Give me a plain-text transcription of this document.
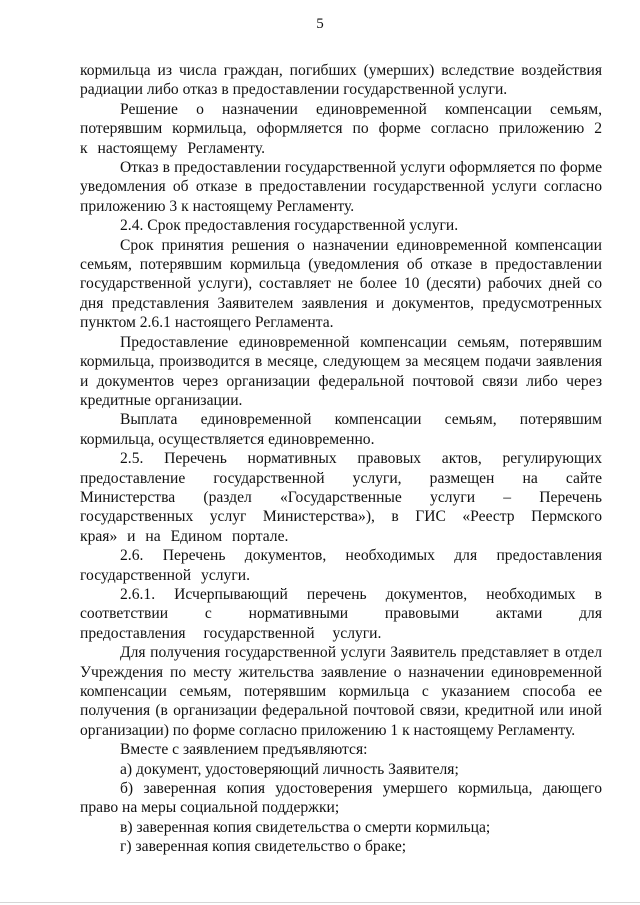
5

кормильца из числа граждан, погибших (умерших) вследствие воздействия радиации либо отказ в предоставлении государственной услуги.

Решение о назначении единовременной компенсации семьям, потерявшим кормильца, оформляется по форме согласно приложению 2 к настоящему Регламенту.

Отказ в предоставлении государственной услуги оформляется по форме уведомления об отказе в предоставлении государственной услуги согласно приложению 3 к настоящему Регламенту.

2.4. Срок предоставления государственной услуги.

Срок принятия решения о назначении единовременной компенсации семьям, потерявшим кормильца (уведомления об отказе в предоставлении государственной услуги), составляет не более 10 (десяти) рабочих дней со дня представления Заявителем заявления и документов, предусмотренных пунктом 2.6.1 настоящего Регламента.

Предоставление единовременной компенсации семьям, потерявшим кормильца, производится в месяце, следующем за месяцем подачи заявления и документов через организации федеральной почтовой связи либо через кредитные организации.

Выплата единовременной компенсации семьям, потерявшим кормильца, осуществляется единовременно.

2.5. Перечень нормативных правовых актов, регулирующих предоставление государственной услуги, размещен на сайте Министерства (раздел «Государственные услуги – Перечень государственных услуг Министерства»), в ГИС «Реестр Пермского края» и на Едином портале.

2.6. Перечень документов, необходимых для предоставления государственной услуги.

2.6.1. Исчерпывающий перечень документов, необходимых в соответствии с нормативными правовыми актами для предоставления государственной услуги.

Для получения государственной услуги Заявитель представляет в отдел Учреждения по месту жительства заявление о назначении единовременной компенсации семьям, потерявшим кормильца с указанием способа ее получения (в организации федеральной почтовой связи, кредитной или иной организации) по форме согласно приложению 1 к настоящему Регламенту.

Вместе с заявлением предъявляются:

а) документ, удостоверяющий личность Заявителя;

б) заверенная копия удостоверения умершего кормильца, дающего право на меры социальной поддержки;

в) заверенная копия свидетельства о смерти кормильца;

г) заверенная копия свидетельство о браке;
